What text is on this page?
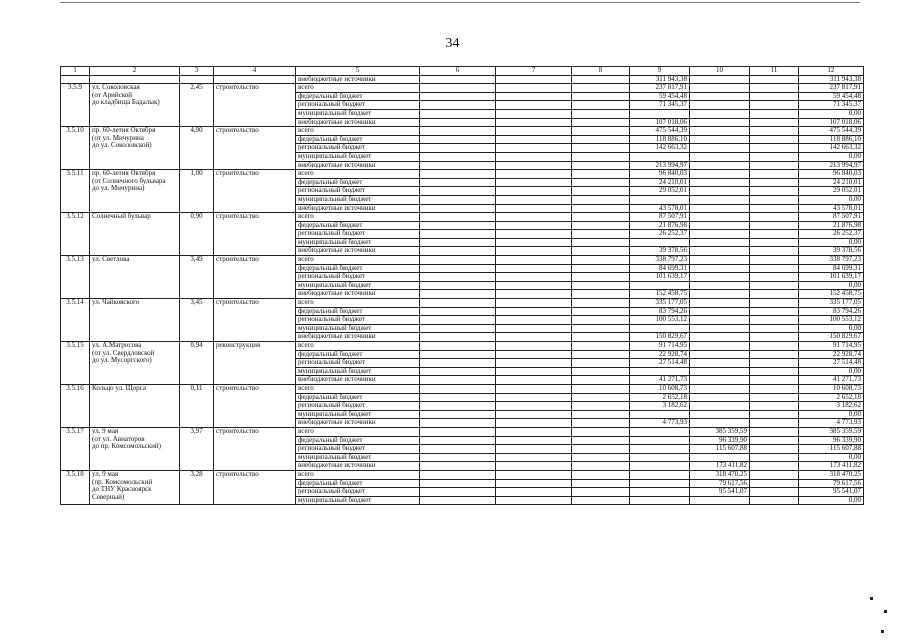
34
1	2	3	4	5	6	7	8	9	10	11	12
				внебюджетные источники				311 943,38			311 943,38
3.5.9	ул. Соколовская
(от Арийской
до кладбища Бадалык)	2,45	строительство	всего				237 817,91			237 817,91
				федеральный бюджет				59 454,48			59 454,48
				региональный бюджет				71 345,37			71 345,37
				муниципальный бюджет							0,00
				внебюджетные источники				107 018,06			107 018,06
3.5.10	пр. 60-летия Октября
(от ул. Мичурина
до ул. Соколовской)	4,90	строительство	всего				475 544,39			475 544,39
				федеральный бюджет				118 886,10			118 886,10
				региональный бюджет				142 663,32			142 663,32
				муниципальный бюджет							0,00
				внебюджетные источники				213 994,97			213 994,97
3.5.11	пр. 60-летия Октября
(от Солнечного бульвара
до ул. Мичурина)	1,00	строительство	всего				96 840,03			96 840,03
				федеральный бюджет				24 210,01			24 210,01
				региональный бюджет				29 052,01			29 052,01
				муниципальный бюджет							0,00
				внебюджетные источники				43 578,01			43 578,01
3.5.12	Солнечный бульвар	0,90	строительство	всего				87 507,91			87 507,91
				федеральный бюджет				21 876,98			21 876,98
				региональный бюджет				26 252,37			26 252,37
				муниципальный бюджет							0,00
				внебюджетные источники				39 378,56			39 378,56
3.5.13	ул. Светлова	3,49	строительство	всего				338 797,23			338 797,23
				федеральный бюджет				84 699,31			84 699,31
				региональный бюджет				101 639,17			101 639,17
				муниципальный бюджет							0,00
				внебюджетные источники				152 458,75			152 458,75
3.5.14	ул. Чайковского	3,45	строительство	всего				335 177,05			335 177,05
				федеральный бюджет				83 794,26			83 794,26
				региональный бюджет				100 553,12			100 553,12
				муниципальный бюджет							0,00
				внебюджетные источники				150 829,67			150 829,67
3.5.15	ул. А.Матросова
(от ул. Свердловской
до ул. Мусоргского)	0,94	реконструкция	всего				91 714,95			91 714,95
				федеральный бюджет				22 928,74			22 928,74
				региональный бюджет				27 514,48			27 514,48
				муниципальный бюджет							0,00
				внебюджетные источники				41 271,73			41 271,73
3.5.16	Кольцо ул. Щорса	0,11	строительство	всего				10 608,73			10 608,73
				федеральный бюджет				2 652,18			2 652,18
				региональный бюджет				3 182,62			3 182,62
				муниципальный бюджет							0,00
				внебюджетные источники				4 773,93			4 773,93
3.5.17	ул. 9 мая
(от ул. Авиаторов
до пр. Комсомольский)	3,97	строительство	всего					385 359,59		385 359,59
				федеральный бюджет					96 339,90		96 339,90
				региональный бюджет					115 607,88		115 607,88
				муниципальный бюджет							0,00
				внебюджетные источники					173 411,82		173 411,82
3.5.18	ул. 9 мая
(пр. Комсомольский
до ТНУ Красноярск
Северный)	3,28	строительство	всего					318 470,25		318 470,25
				федеральный бюджет					79 617,56		79 617,56
				региональный бюджет					95 541,07		95 541,07
				муниципальный бюджет							0,00
